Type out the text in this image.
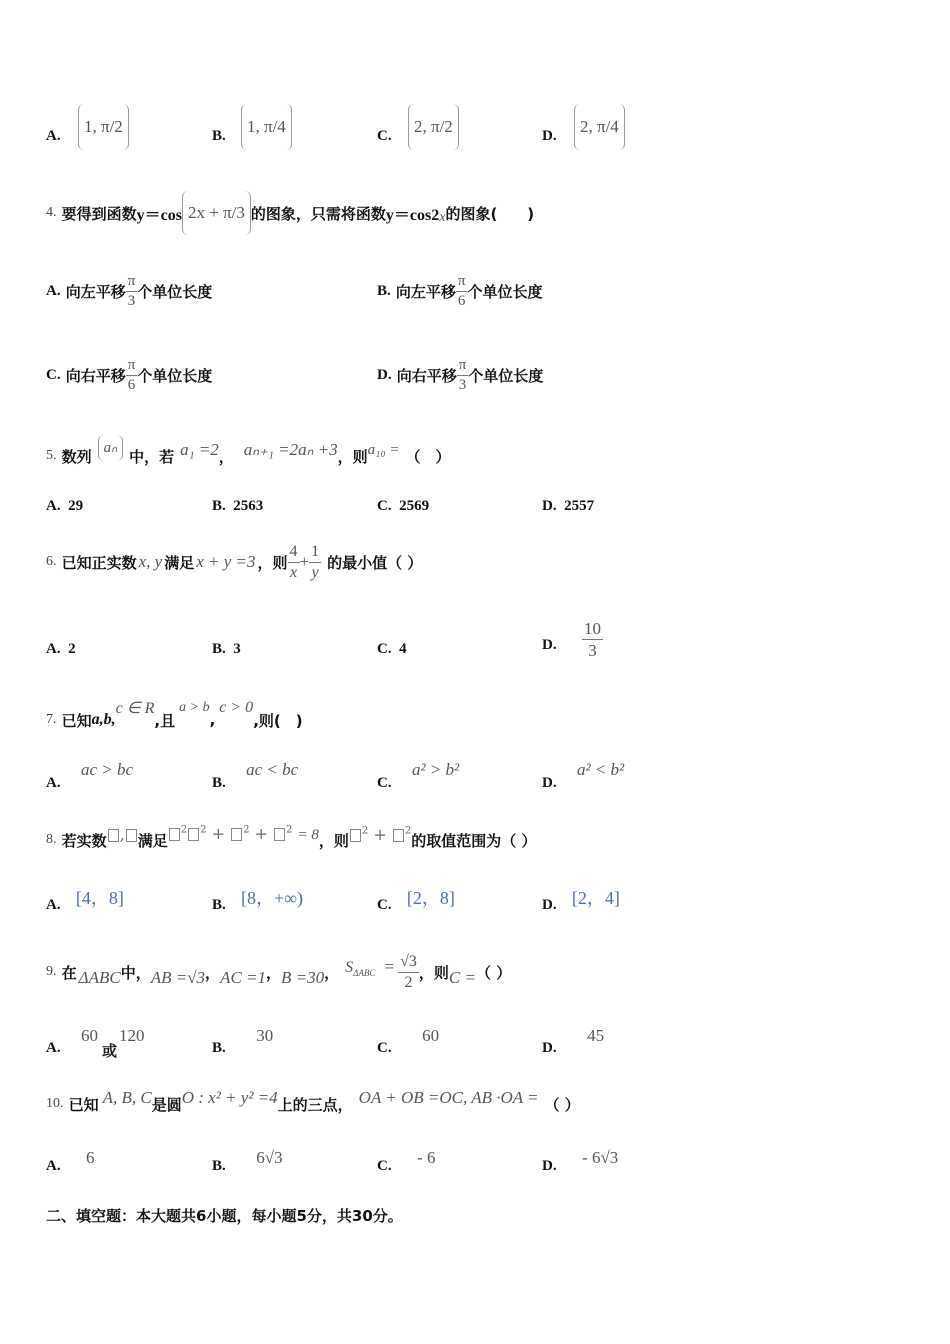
A.	1, π/2	B.	1, π/4	C.	2, π/2	D.	2, π/4
4.
要得到函数 y＝cos 2x + π/3 的图象，只需将函数 y＝cos2 x 的图象(　　)
A.
向左平移 $\frac{\pi}{3}$ 个单位长度	B.
向左平移 $\frac{\pi}{6}$ 个单位长度
C.
向右平移 $\frac{\pi}{6}$ 个单位长度	D.
向右平移 $\frac{\pi}{3}$ 个单位长度
5.
数列 aₙ 中，若 a₁ =2 ， aₙ₊₁ =2aₙ +3 ，则 a₁₀ = （　）
A. 29	B. 2563	C. 2569	D. 2557
6.
已知正实数 x, y 满足 x + y =3 ，则 $\frac{4}{x} + \frac{1}{y}$ 的最小值（ ）
A. 2	B. 3	C. 4	D.
$\frac{10}{3}$
7.
已知 a,b,
c ∈ R
,且
a > b
,
c > 0
,则(　)
A.

ac > bc
B.

ac < bc
C.

a² > b²
D.

a² < b²
8.
若实数 , 满足
$^2$ $^2$ + $^2$ + $^2$ = 8 ，则
$^2$ + $^2$
的取值范围为（ ）
A.
[4，8]	B.
[8，+∞)	C.
[2，8]	D.
[2，4]
9.
在 ΔABC 中， AB =√3 ， AC =1 ， B =30 ， $S_{\Delta ABC} = \frac{√3}{2}$ ，则 C = （ ）
A.

60
或
120
B.

30
C.

60
D.

45
10.
已知 A, B, C 是圆 O : x² + y² =4 上的三点， OA + OB =OC, AB ·OA = （ ）
A.
6	B.
6√3	C.
- 6	D.
- 6√3
二、填空题：本大题共6小题，每小题5分，共30分。
